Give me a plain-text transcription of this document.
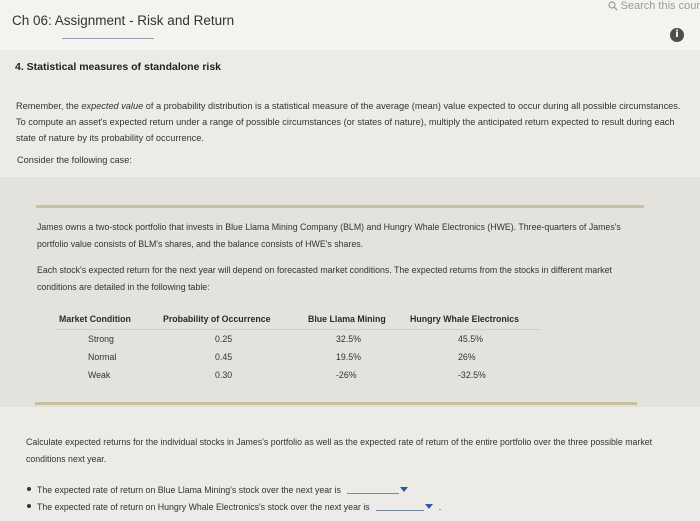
Search this cour
Ch 06: Assignment - Risk and Return
i
4. Statistical measures of standalone risk
Remember, the expected value of a probability distribution is a statistical measure of the average (mean) value expected to occur during all possible circumstances. To compute an asset's expected return under a range of possible circumstances (or states of nature), multiply the anticipated return expected to result during each state of nature by its probability of occurrence.
Consider the following case:
James owns a two-stock portfolio that invests in Blue Llama Mining Company (BLM) and Hungry Whale Electronics (HWE). Three-quarters of James's portfolio value consists of BLM's shares, and the balance consists of HWE's shares.
Each stock's expected return for the next year will depend on forecasted market conditions. The expected returns from the stocks in different market conditions are detailed in the following table:
Market Condition	Probability of Occurrence	Blue Llama Mining	Hungry Whale Electronics
Strong	0.25	32.5%	45.5%
Normal	0.45	19.5%	26%
Weak	0.30	-26%	-32.5%
Calculate expected returns for the individual stocks in James's portfolio as well as the expected rate of return of the entire portfolio over the three possible market conditions next year.
The expected rate of return on Blue Llama Mining's stock over the next year is
The expected rate of return on Hungry Whale Electronics's stock over the next year is	.
